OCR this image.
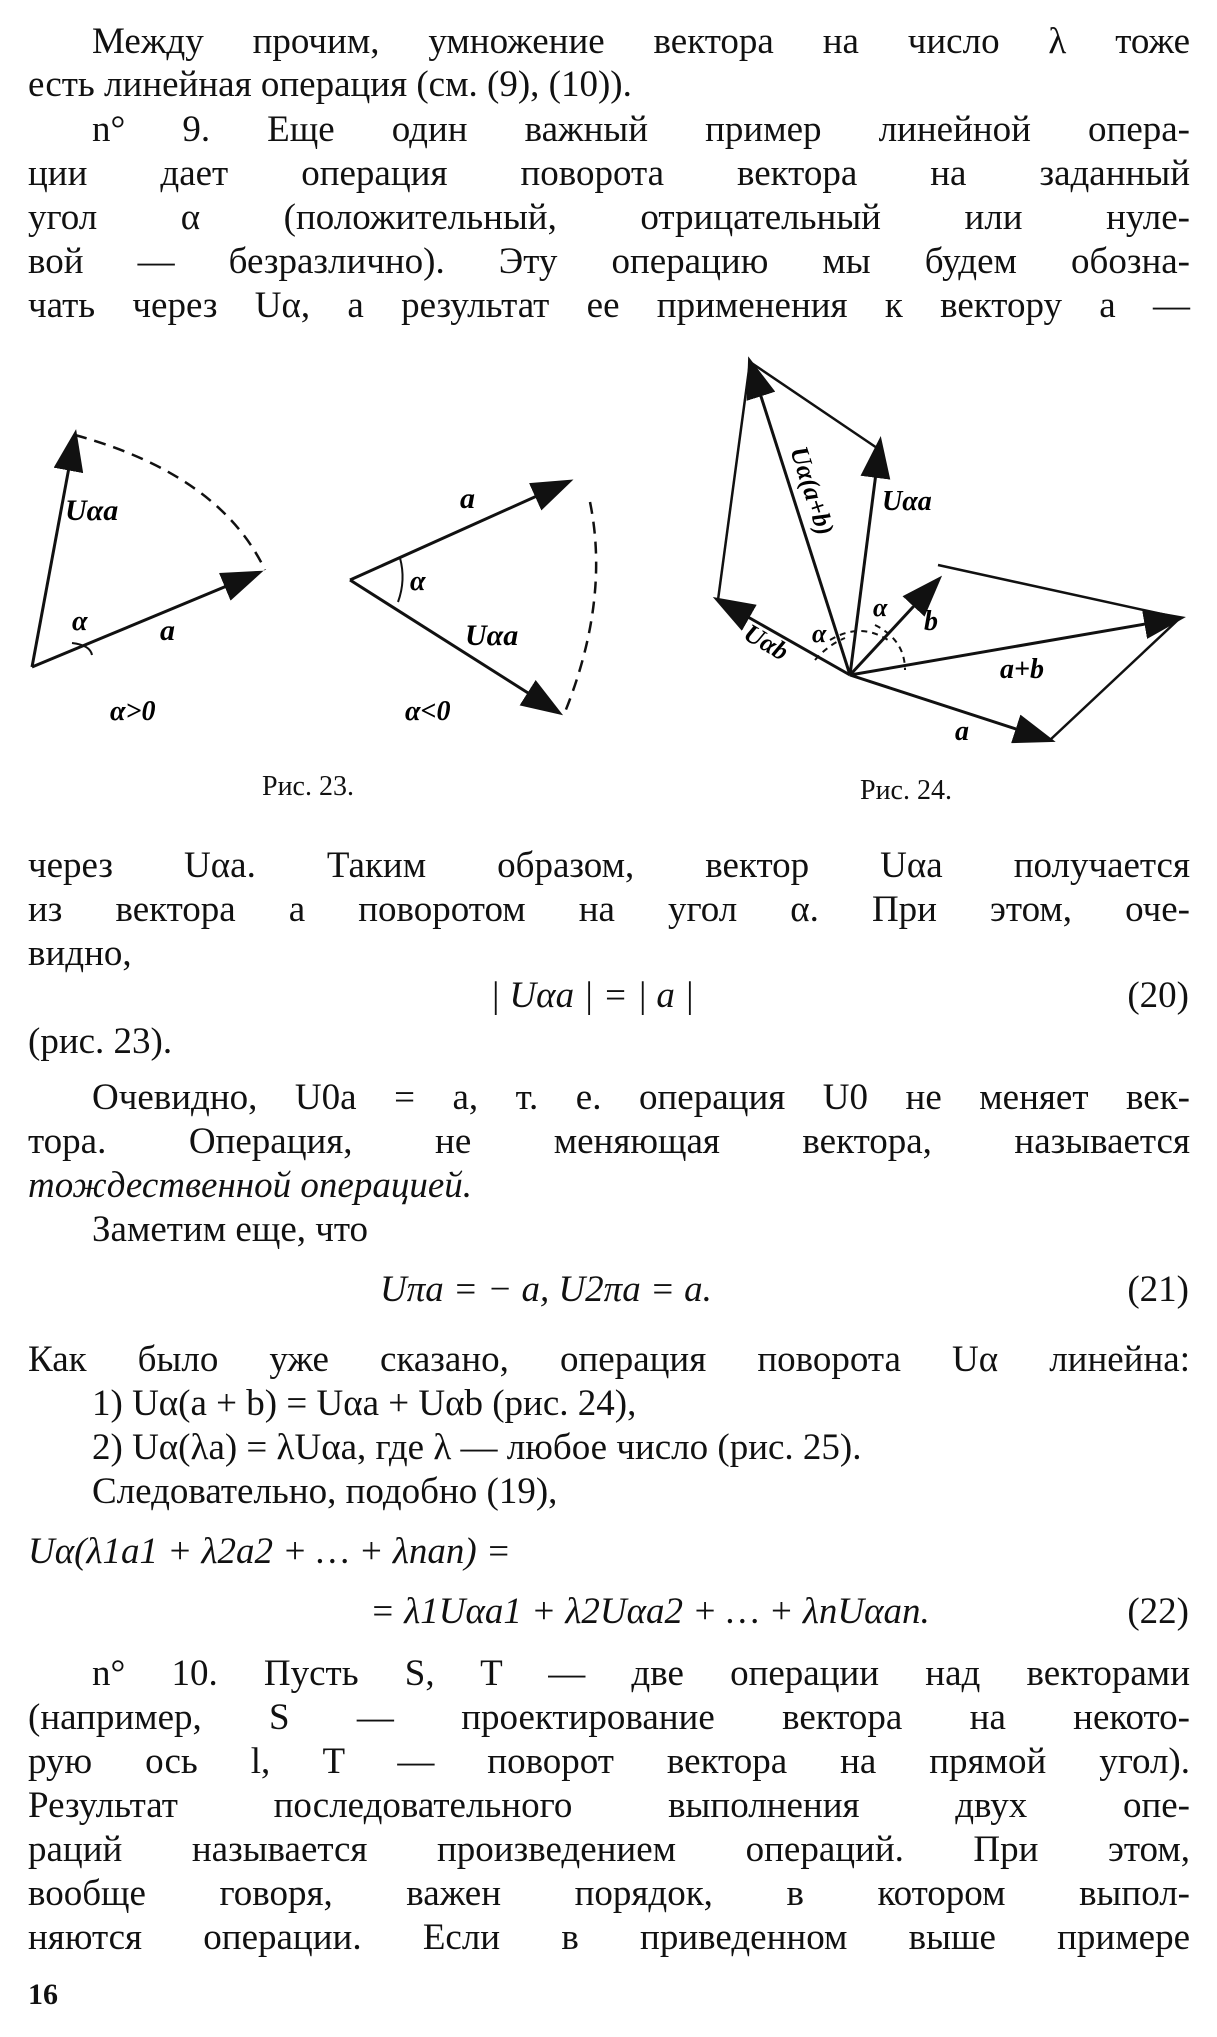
Между прочим, умножение вектора на число λ тоже
есть линейная операция (см. (9), (10)).
n° 9. Еще один важный пример линейной опера-
ции дает операция поворота вектора на заданный
угол α (положительный, отрицательный или нуле-
вой — безразлично). Эту операцию мы будем обозна-
чать через Uα, а результат ее применения к вектору a —
Uαa
a
α
α>0
a
α
Uαa
α<0
Uα(a+b) Uαa
b
a+b
a
α
α
Uαb
Рис. 23.	Рис. 24.
через Uαa. Таким образом, вектор Uαa получается
из вектора a поворотом на угол α. При этом, оче-
видно,
| Uαa | = | a |	(20)
(рис. 23).
Очевидно, U0a = a, т. е. операция U0 не меняет век-
тора. Операция, не меняющая вектора, называется
тождественной операцией.
Заметим еще, что
Uπa = − a, U2πa = a.	(21)
Как было уже сказано, операция поворота Uα линейна:
1) Uα(a + b) = Uαa + Uαb (рис. 24),
2) Uα(λa) = λUαa, где λ — любое число (рис. 25).
Следовательно, подобно (19),
Uα(λ1a1 + λ2a2 + … + λnan) =
= λ1Uαa1 + λ2Uαa2 + … + λnUαan.	(22)
n° 10. Пусть S, T — две операции над векторами
(например, S — проектирование вектора на некото-
рую ось l, T — поворот вектора на прямой угол).
Результат последовательного выполнения двух опе-
раций называется произведением операций. При этом,
вообще говоря, важен порядок, в котором выпол-
няются операции. Если в приведенном выше примере
16
